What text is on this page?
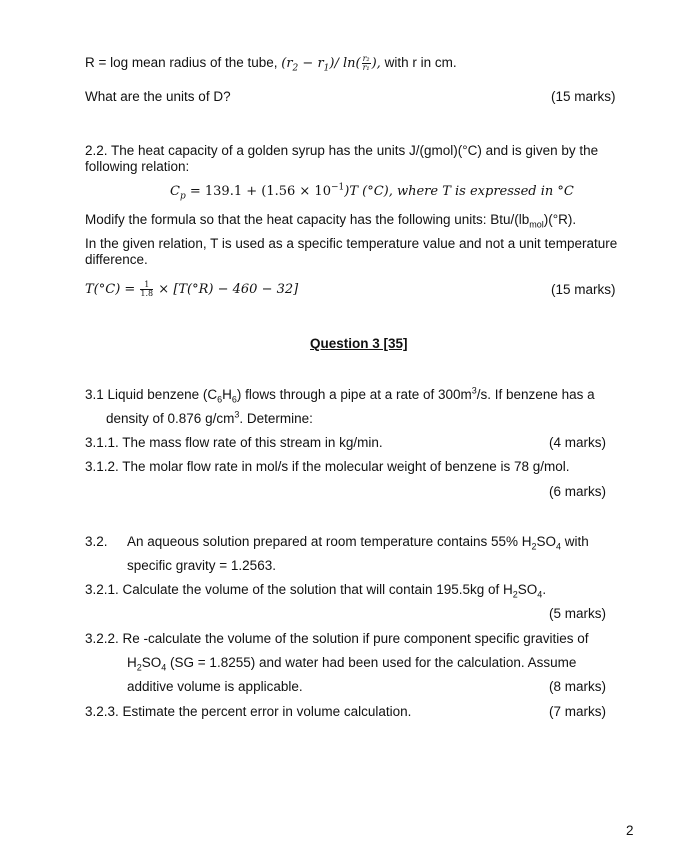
R = log mean radius of the tube, $(r_2 - r_1)/$ $\ln( \frac{\text{r₂}}{\text{r₁}}$ ), with r in cm.
What are the units of D?	(15 marks)
2.2. The heat capacity of a golden syrup has the units J/(gmol)(°C) and is given by the
following relation:
$C_p = 139.1 + (1.56 \times 10^{-1})T$ (°C), where T is expressed in °C
Modify the formula so that the heat capacity has the following units: Btu/$(lb_{mol})(^\circ R)$.
In the given relation, T is used as a specific temperature value and not a unit temperature
difference.
$T(^\circ C) = \frac{1}{1.8} \times [T(^\circ R) - 460 - 32]$	(15 marks)
Question 3 [35]
3.1 Liquid benzene $(C_6H_6)$ flows through a pipe at a rate of $300m^3/s$. If benzene has a
density of 0.876 $g/cm^3$. Determine:
3.1.1. The mass flow rate of this stream in kg/min.	(4 marks)
3.1.2. The molar flow rate in mol/s if the molecular weight of benzene is 78 g/mol.
(6 marks)
3.2. An aqueous solution prepared at room temperature contains 55% $H_2SO_4$ with
specific gravity = 1.2563.
3.2.1. Calculate the volume of the solution that will contain 195.5kg of $H_2SO_4$.
(5 marks)
3.2.2. Re -calculate the volume of the solution if pure component specific gravities of
$H_2SO_4$ (SG = 1.8255) and water had been used for the calculation. Assume
additive volume is applicable.	(8 marks)
3.2.3. Estimate the percent error in volume calculation.	(7 marks)
2
